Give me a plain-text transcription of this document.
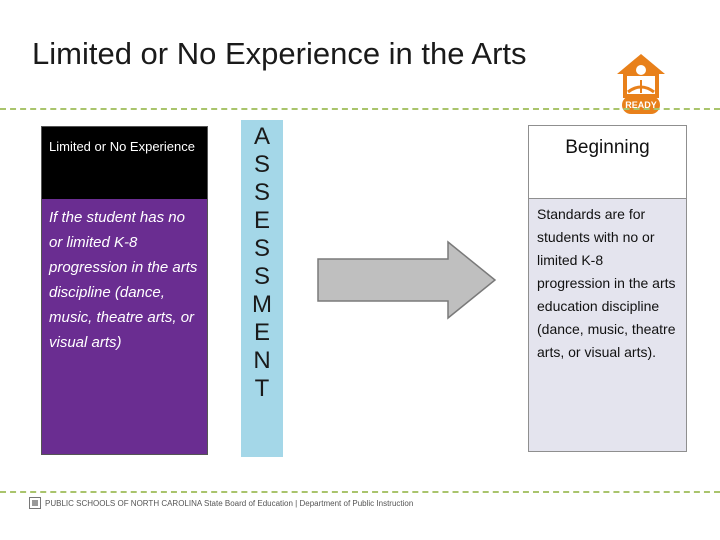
Limited or No Experience in the Arts
READY
Limited or No Experience
If the student has no or limited K-8 progression in the arts discipline (dance, music, theatre arts, or visual arts)
A
S
S
E
S
S
M
E
N
T
Beginning
Standards are for students with no or limited K-8 progression in the arts education discipline (dance, music, theatre arts, or visual arts).
PUBLIC SCHOOLS OF NORTH CAROLINA State Board of Education | Department of Public Instruction
